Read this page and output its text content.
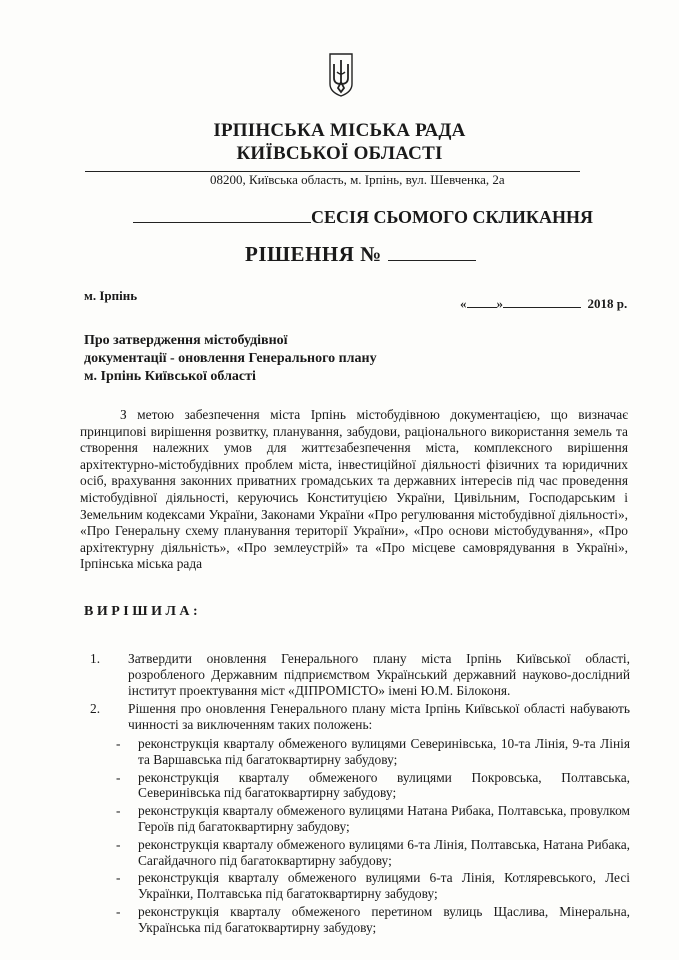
ІРПІНСЬКА МІСЬКА РАДА
КИЇВСЬКОЇ ОБЛАСТІ
08200, Київська область, м. Ірпінь, вул. Шевченка, 2а
СЕСІЯ СЬОМОГО СКЛИКАННЯ
РІШЕННЯ №
м. Ірпінь
« »	2018 р.
Про затвердження містобудівної
документації - оновлення Генерального плану
м. Ірпінь Київської області
З метою забезпечення міста Ірпінь містобудівною документацією, що визначає принципові вирішення розвитку, планування, забудови, раціонального використання земель та створення належних умов для життєзабезпечення міста, комплексного вирішення архітектурно-містобудівних проблем міста, інвестиційної діяльності фізичних та юридичних осіб, врахування законних приватних громадських та державних інтересів під час проведення містобудівної діяльності, керуючись Конституцією України, Цивільним, Господарським і Земельним кодексами України, Законами України «Про регулювання містобудівної діяльності», «Про Генеральну схему планування території України», «Про основи містобудування», «Про архітектурну діяльність», «Про землеустрій» та «Про місцеве самоврядування в Україні», Ірпінська міська рада
ВИРІШИЛА:
1.	Затвердити оновлення Генерального плану міста Ірпінь Київської області, розробленого Державним підприємством Український державний науково-дослідний інститут проектування міст «ДІПРОМІСТО» імені Ю.М. Білоконя.
2.	Рішення про оновлення Генерального плану міста Ірпінь Київської області набувають чинності за виключенням таких положень:
-	реконструкція кварталу обмеженого вулицями Северинівська, 10-та Лінія, 9-та Лінія та Варшавська під багатоквартирну забудову;
-	реконструкція кварталу обмеженого вулицями Покровська, Полтавська, Северинівська під багатоквартирну забудову;
-	реконструкція кварталу обмеженого вулицями Натана Рибака, Полтавська, провулком Героїв під багатоквартирну забудову;
-	реконструкція кварталу обмеженого вулицями 6-та Лінія, Полтавська, Натана Рибака, Сагайдачного під багатоквартирну забудову;
-	реконструкція кварталу обмеженого вулицями 6-та Лінія, Котляревського, Лесі Українки, Полтавська під багатоквартирну забудову;
-	реконструкція кварталу обмеженого перетином вулиць Щаслива, Мінеральна, Українська під багатоквартирну забудову;
